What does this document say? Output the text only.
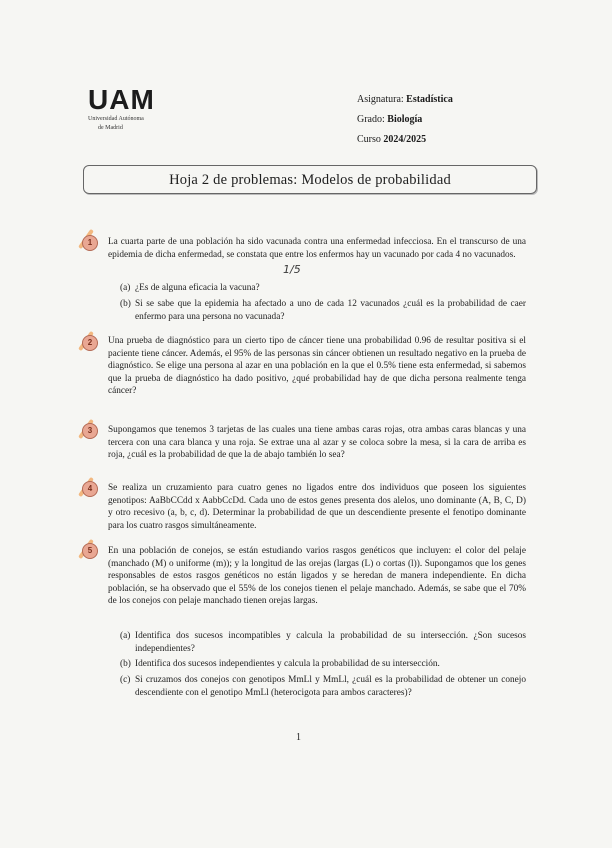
UAM
Universidad Autónoma
de Madrid
Asignatura: Estadística
Grado: Biología
Curso 2024/2025
Hoja 2 de problemas: Modelos de probabilidad
1	La cuarta parte de una población ha sido vacunada contra una enfermedad infecciosa. En el transcurso de una epidemia de dicha enfermedad, se constata que entre los enfermos hay un vacunado por cada 4 no vacunados.
1/5
(a) ¿Es de alguna eficacia la vacuna?
(b) Si se sabe que la epidemia ha afectado a uno de cada 12 vacunados ¿cuál es la probabilidad de caer enfermo para una persona no vacunada?
2	Una prueba de diagnóstico para un cierto tipo de cáncer tiene una probabilidad 0.96 de resultar positiva si el paciente tiene cáncer. Además, el 95% de las personas sin cáncer obtienen un resultado negativo en la prueba de diagnóstico. Se elige una persona al azar en una población en la que el 0.5% tiene esta enfermedad, si sabemos que la prueba de diagnóstico ha dado positivo, ¿qué probabilidad hay de que dicha persona realmente tenga cáncer?
3	Supongamos que tenemos 3 tarjetas de las cuales una tiene ambas caras rojas, otra ambas caras blancas y una tercera con una cara blanca y una roja. Se extrae una al azar y se coloca sobre la mesa, si la cara de arriba es roja, ¿cuál es la probabilidad de que la de abajo también lo sea?
4	Se realiza un cruzamiento para cuatro genes no ligados entre dos individuos que poseen los siguientes genotipos: AaBbCCdd x AabbCcDd. Cada uno de estos genes presenta dos alelos, uno dominante (A, B, C, D) y otro recesivo (a, b, c, d). Determinar la probabilidad de que un descendiente presente el fenotipo dominante para los cuatro rasgos simultáneamente.
5	En una población de conejos, se están estudiando varios rasgos genéticos que incluyen: el color del pelaje (manchado (M) o uniforme (m)); y la longitud de las orejas (largas (L) o cortas (l)). Supongamos que los genes responsables de estos rasgos genéticos no están ligados y se heredan de manera independiente. En dicha población, se ha observado que el 55% de los conejos tienen el pelaje manchado. Además, se sabe que el 70% de los conejos con pelaje manchado tienen orejas largas.
(a) Identifica dos sucesos incompatibles y calcula la probabilidad de su intersección. ¿Son sucesos independientes?
(b) Identifica dos sucesos independientes y calcula la probabilidad de su intersección.
(c) Si cruzamos dos conejos con genotipos MmLl y MmLl, ¿cuál es la probabilidad de obtener un conejo descendiente con el genotipo MmLl (heterocigota para ambos caracteres)?
1
